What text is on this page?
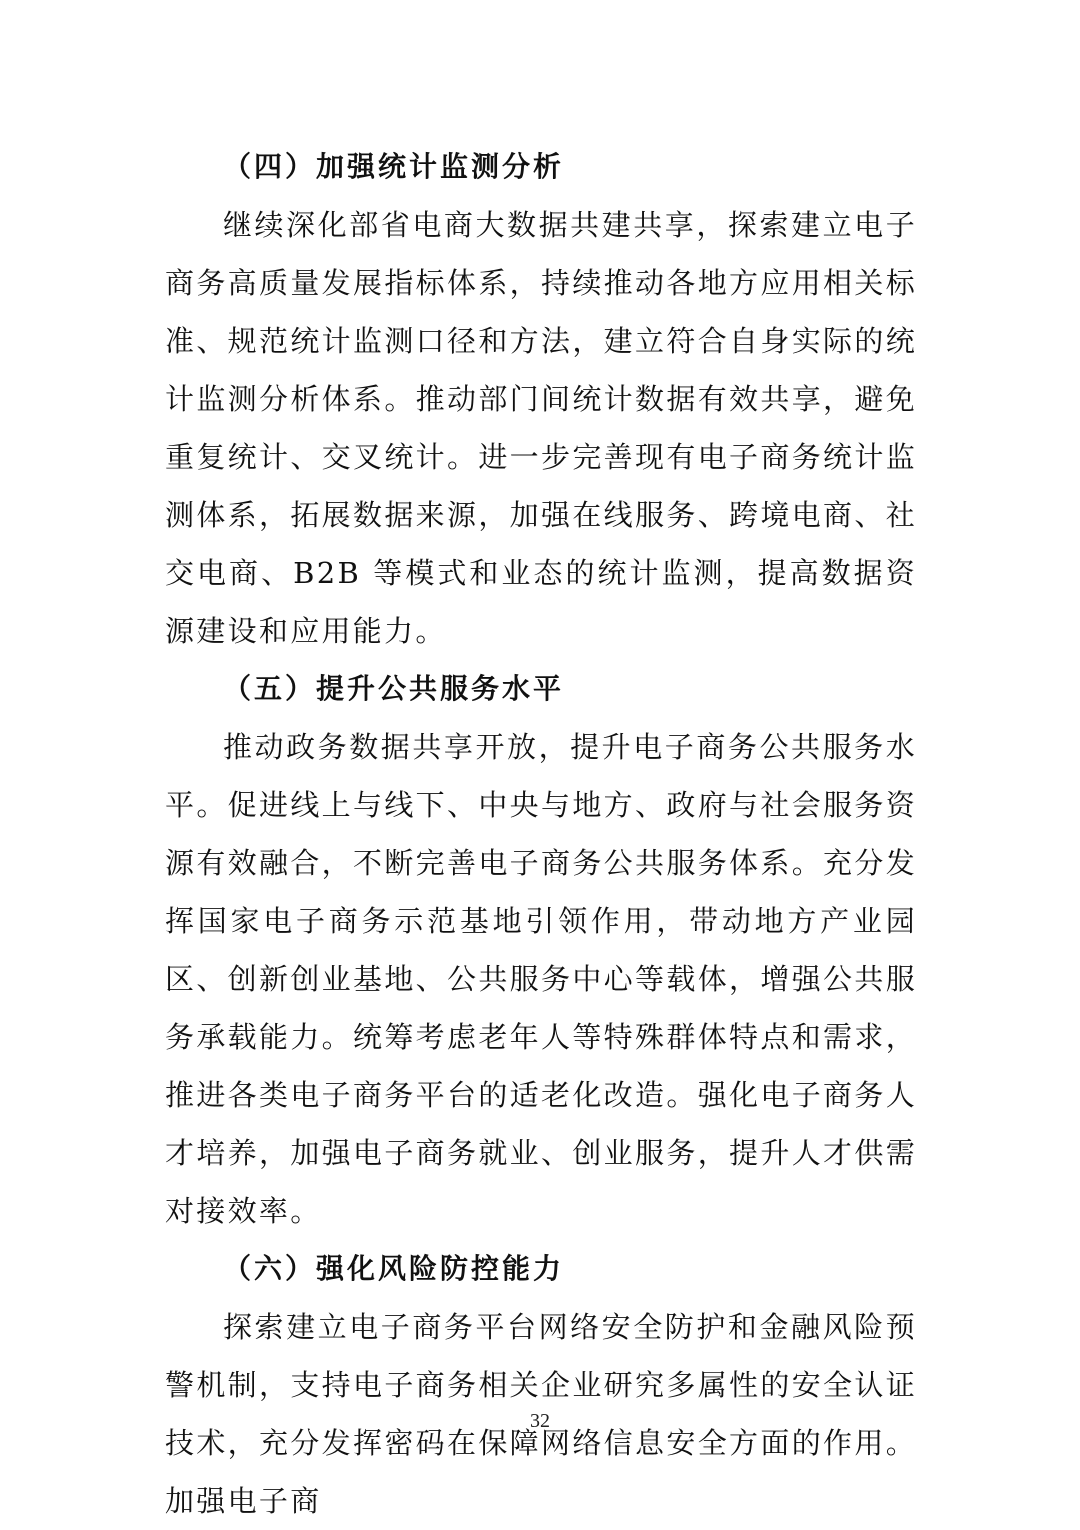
（四）加强统计监测分析

继续深化部省电商大数据共建共享，探索建立电子商务高质量发展指标体系，持续推动各地方应用相关标准、规范统计监测口径和方法，建立符合自身实际的统计监测分析体系。推动部门间统计数据有效共享，避免重复统计、交叉统计。进一步完善现有电子商务统计监测体系，拓展数据来源，加强在线服务、跨境电商、社交电商、B2B 等模式和业态的统计监测，提高数据资源建设和应用能力。

（五）提升公共服务水平

推动政务数据共享开放，提升电子商务公共服务水平。促进线上与线下、中央与地方、政府与社会服务资源有效融合，不断完善电子商务公共服务体系。充分发挥国家电子商务示范基地引领作用，带动地方产业园区、创新创业基地、公共服务中心等载体，增强公共服务承载能力。统筹考虑老年人等特殊群体特点和需求，推进各类电子商务平台的适老化改造。强化电子商务人才培养，加强电子商务就业、创业服务，提升人才供需对接效率。

（六）强化风险防控能力

探索建立电子商务平台网络安全防护和金融风险预警机制，支持电子商务相关企业研究多属性的安全认证技术，充分发挥密码在保障网络信息安全方面的作用。加强电子商

32
